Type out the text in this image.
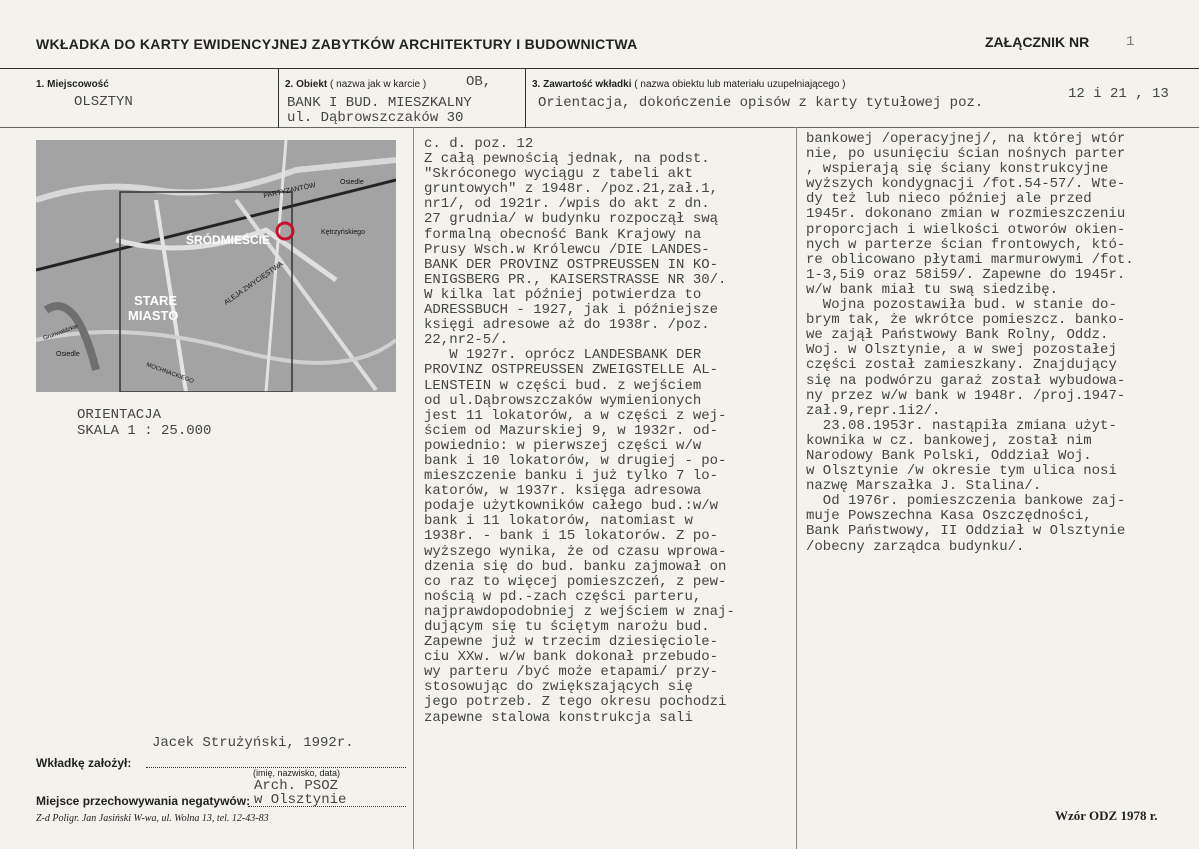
WKŁADKA DO KARTY EWIDENCYJNEJ ZABYTKÓW ARCHITEKTURY I BUDOWNICTWA	ZAŁĄCZNIK NR	1
1. Miejscowość
OLSZTYN
2. Obiekt ( nazwa jak w karcie )	OB,
BANK I BUD. MIESZKALNY
ul. Dąbrowszczaków 30
3. Zawartość wkładki ( nazwa obiektu lub materiału uzupełniającego )
Orientacja, dokończenie opisów z karty tytułowej poz.
12 i 21 , 13
ŚRÓDMIEŚCIE
STARE
MIASTO
PARTYZANTÓW	Osiedle
Kętrzyńskiego
Grunwaldzkie
ALEJA ZWYCIĘSTWA
Osiedle
MOCHNACKIEGO
ORIENTACJA
SKALA 1 : 25.000
c. d. poz. 12
Z całą pewnością jednak, na podst.
"Skróconego wyciągu z tabeli akt
gruntowych" z 1948r. /poz.21,zał.1,
nr1/, od 1921r. /wpis do akt z dn.
27 grudnia/ w budynku rozpoczął swą
formalną obecność Bank Krajowy na
Prusy Wsch.w Królewcu /DIE LANDES-
BANK DER PROVINZ OSTPREUSSEN IN KO-
ENIGSBERG PR., KAISERSTRASSE NR 30/.
W kilka lat później potwierdza to
ADRESSBUCH - 1927, jak i późniejsze
księgi adresowe aż do 1938r. /poz.
22,nr2-5/.
W 1927r. oprócz LANDESBANK DER
PROVINZ OSTPREUSSEN ZWEIGSTELLE AL-
LENSTEIN w części bud. z wejściem
od ul.Dąbrowszczaków wymienionych
jest 11 lokatorów, a w części z wej-
ściem od Mazurskiej 9, w 1932r. od-
powiednio: w pierwszej części w/w
bank i 10 lokatorów, w drugiej - po-
mieszczenie banku i już tylko 7 lo-
katorów, w 1937r. księga adresowa
podaje użytkowników całego bud.:w/w
bank i 11 lokatorów, natomiast w
1938r. - bank i 15 lokatorów. Z po-
wyższego wynika, że od czasu wprowa-
dzenia się do bud. banku zajmował on
co raz to więcej pomieszczeń, z pew-
nością w pd.-zach części parteru,
najprawdopodobniej z wejściem w znaj-
dującym się tu ściętym narożu bud.
Zapewne już w trzecim dziesięciole-
ciu XXw. w/w bank dokonał przebudo-
wy parteru /być może etapami/ przy-
stosowując do zwiększających się
jego potrzeb. Z tego okresu pochodzi
zapewne stalowa konstrukcja sali
bankowej /operacyjnej/, na której wtór
nie, po usunięciu ścian nośnych parter
, wspierają się ściany konstrukcyjne
wyższych kondygnacji /fot.54-57/. Wte-
dy też lub nieco później ale przed
1945r. dokonano zmian w rozmieszczeniu
proporcjach i wielkości otworów okien-
nych w parterze ścian frontowych, któ-
re oblicowano płytami marmurowymi /fot.
1-3,5i9 oraz 58i59/. Zapewne do 1945r.
w/w bank miał tu swą siedzibę.
Wojna pozostawiła bud. w stanie do-
brym tak, że wkrótce pomieszcz. banko-
we zajął Państwowy Bank Rolny, Oddz.
Woj. w Olsztynie, a w swej pozostałej
części został zamieszkany. Znajdujący
się na podwórzu garaż został wybudowa-
ny przez w/w bank w 1948r. /proj.1947-
zał.9,repr.1i2/.
23.08.1953r. nastąpiła zmiana użyt-
kownika w cz. bankowej, został nim
Narodowy Bank Polski, Oddział Woj.
w Olsztynie /w okresie tym ulica nosi
nazwę Marszałka J. Stalina/.
Od 1976r. pomieszczenia bankowe zaj-
muje Powszechna Kasa Oszczędności,
Bank Państwowy, II Oddział w Olsztynie
/obecny zarządca budynku/.
Jacek Strużyński, 1992r.
Wkładkę założył:
(imię, nazwisko, data)
Arch. PSOZ
w Olsztynie
Miejsce przechowywania negatywów:
Z-d Poligr. Jan Jasiński W-wa, ul. Wolna 13, tel. 12-43-83	Wzór ODZ 1978 r.
